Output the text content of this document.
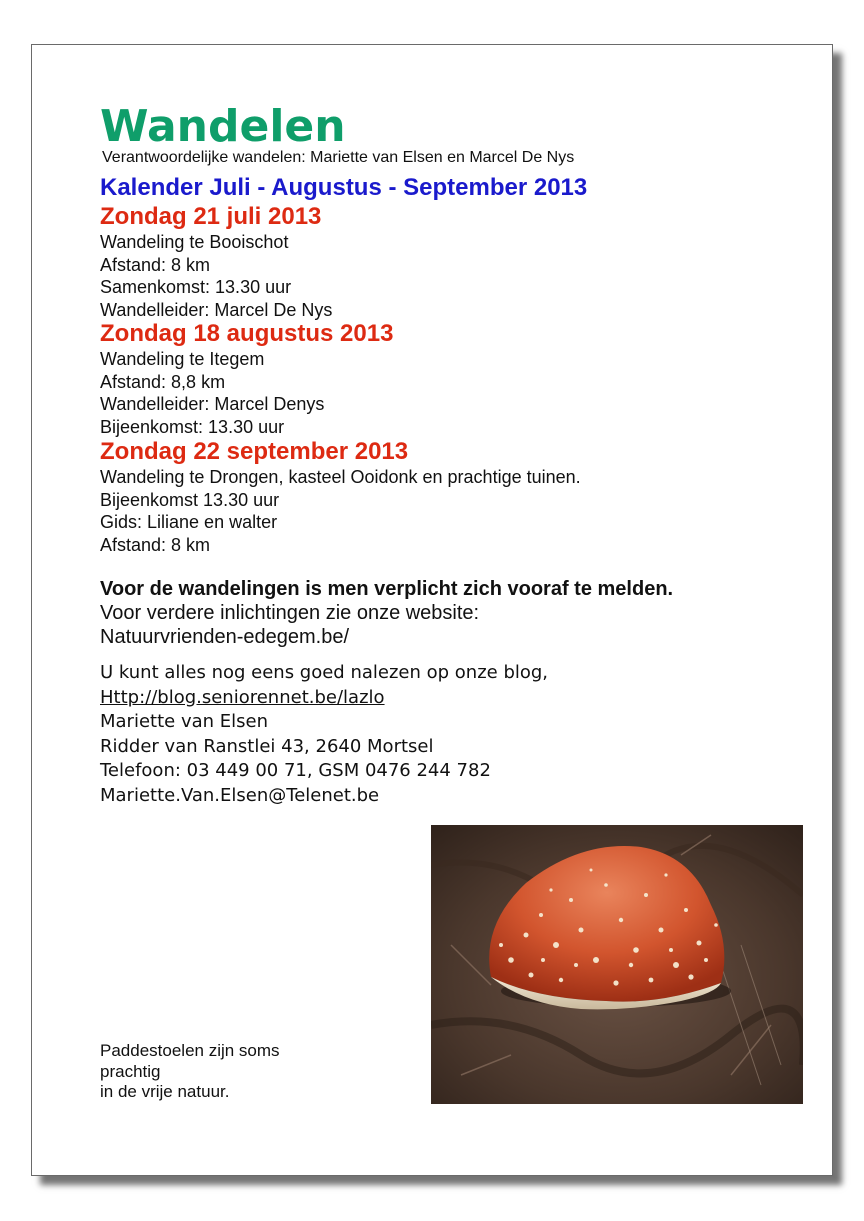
Wandelen
Verantwoordelijke wandelen: Mariette van Elsen en Marcel De Nys
Kalender Juli - Augustus - September 2013
Zondag 21 juli 2013
Wandeling te Booischot
Afstand: 8 km
Samenkomst: 13.30 uur
Wandelleider: Marcel De Nys
Zondag 18 augustus 2013
Wandeling te Itegem
Afstand: 8,8 km
Wandelleider: Marcel Denys
Bijeenkomst: 13.30 uur
Zondag 22 september 2013
Wandeling te Drongen, kasteel Ooidonk en prachtige tuinen.
Bijeenkomst 13.30 uur
Gids: Liliane en walter
Afstand: 8 km
Voor de wandelingen is men verplicht zich vooraf te melden.
Voor verdere inlichtingen zie onze website:
Natuurvrienden-edegem.be/
U kunt alles nog eens goed nalezen op onze blog,
Http://blog.seniorennet.be/lazlo
Mariette van Elsen
Ridder van Ranstlei 43, 2640 Mortsel
Telefoon: 03 449 00 71, GSM 0476 244 782
Mariette.Van.Elsen@Telenet.be
Paddestoelen zijn soms
prachtig
in de vrije natuur.
